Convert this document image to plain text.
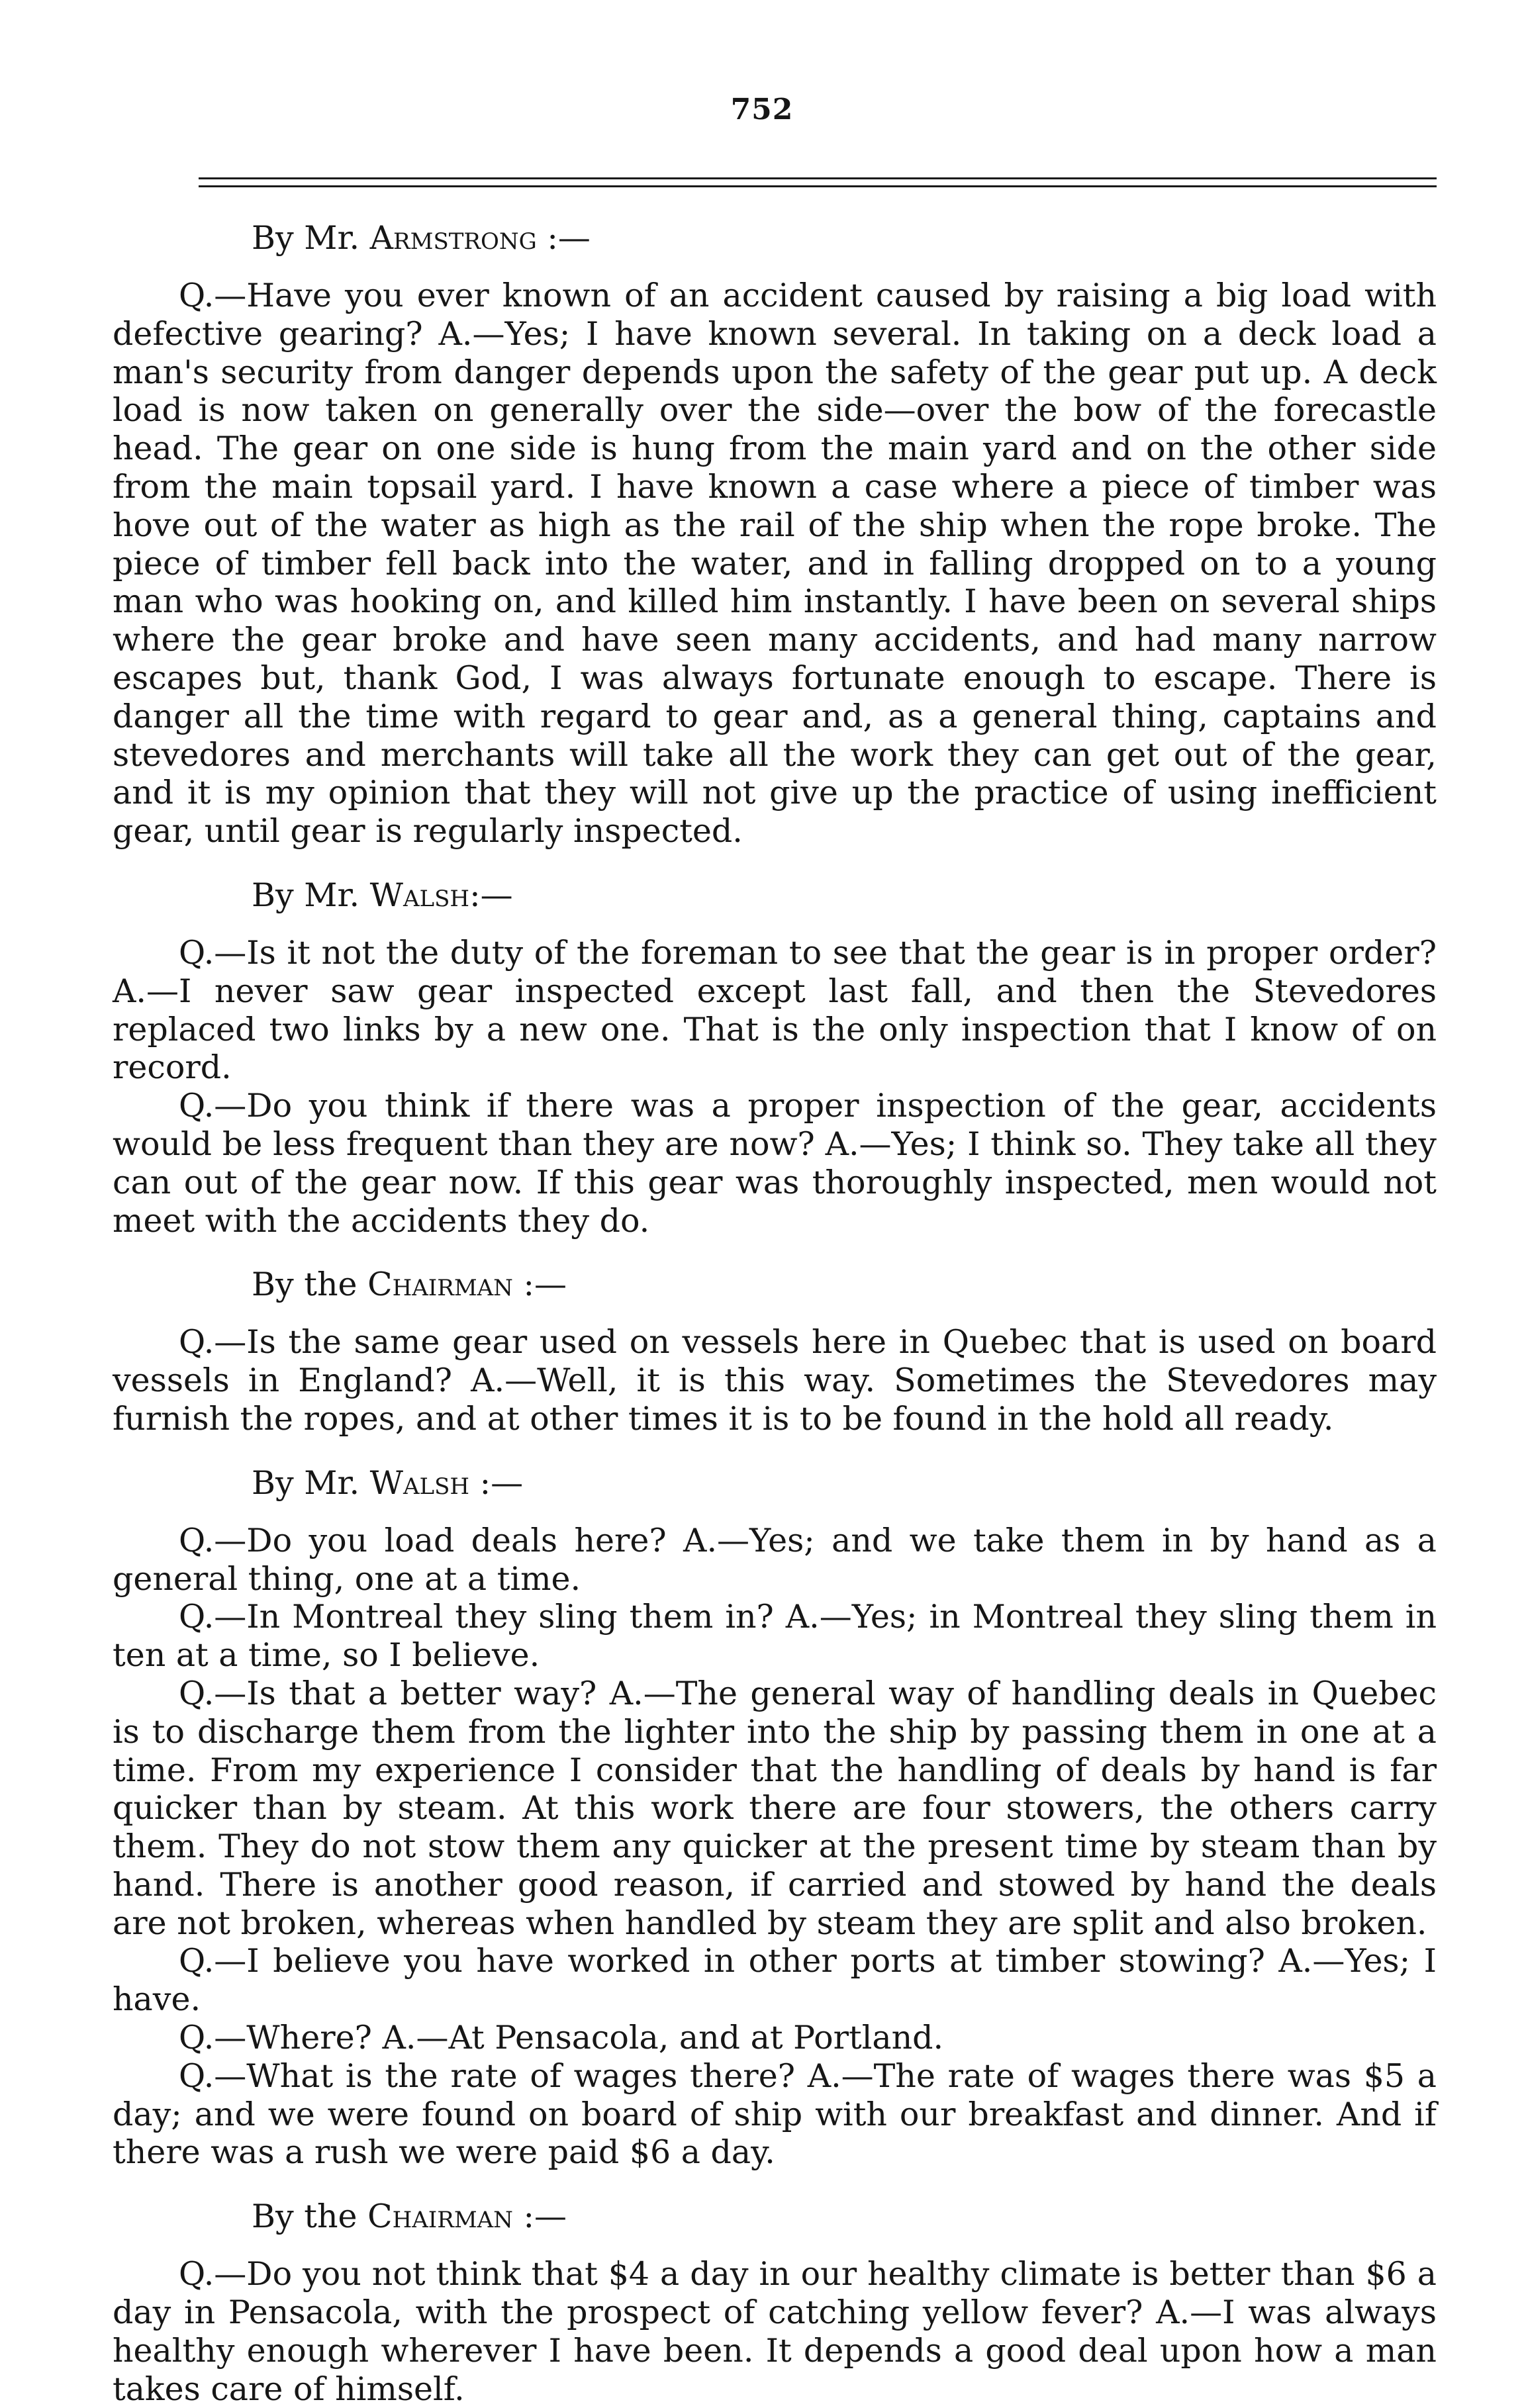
752
By Mr. Armstrong :—

Q.—Have you ever known of an accident caused by raising a big load with defective gearing? A.—Yes; I have known several. In taking on a deck load a man's security from danger depends upon the safety of the gear put up. A deck load is now taken on generally over the side—over the bow of the forecastle head. The gear on one side is hung from the main yard and on the other side from the main topsail yard. I have known a case where a piece of timber was hove out of the water as high as the rail of the ship when the rope broke. The piece of timber fell back into the water, and in falling dropped on to a young man who was hooking on, and killed him instantly. I have been on several ships where the gear broke and have seen many accidents, and had many narrow escapes but, thank God, I was always fortunate enough to escape. There is danger all the time with regard to gear and, as a general thing, captains and stevedores and merchants will take all the work they can get out of the gear, and it is my opinion that they will not give up the practice of using inefficient gear, until gear is regularly inspected.

By Mr. Walsh:—

Q.—Is it not the duty of the foreman to see that the gear is in proper order? A.—I never saw gear inspected except last fall, and then the Stevedores replaced two links by a new one. That is the only inspection that I know of on record.

Q.—Do you think if there was a proper inspection of the gear, accidents would be less frequent than they are now? A.—Yes; I think so. They take all they can out of the gear now. If this gear was thoroughly inspected, men would not meet with the accidents they do.

By the Chairman :—

Q.—Is the same gear used on vessels here in Quebec that is used on board vessels in England? A.—Well, it is this way. Sometimes the Stevedores may furnish the ropes, and at other times it is to be found in the hold all ready.

By Mr. Walsh :—

Q.—Do you load deals here? A.—Yes; and we take them in by hand as a general thing, one at a time.

Q.—In Montreal they sling them in? A.—Yes; in Montreal they sling them in ten at a time, so I believe.

Q.—Is that a better way? A.—The general way of handling deals in Quebec is to discharge them from the lighter into the ship by passing them in one at a time. From my experience I consider that the handling of deals by hand is far quicker than by steam. At this work there are four stowers, the others carry them. They do not stow them any quicker at the present time by steam than by hand. There is another good reason, if carried and stowed by hand the deals are not broken, whereas when handled by steam they are split and also broken.

Q.—I believe you have worked in other ports at timber stowing? A.—Yes; I have.

Q.—Where? A.—At Pensacola, and at Portland.

Q.—What is the rate of wages there? A.—The rate of wages there was $5 a day; and we were found on board of ship with our breakfast and dinner. And if there was a rush we were paid $6 a day.

By the Chairman :—

Q.—Do you not think that $4 a day in our healthy climate is better than $6 a day in Pensacola, with the prospect of catching yellow fever? A.—I was always healthy enough wherever I have been. It depends a good deal upon how a man takes care of himself.
